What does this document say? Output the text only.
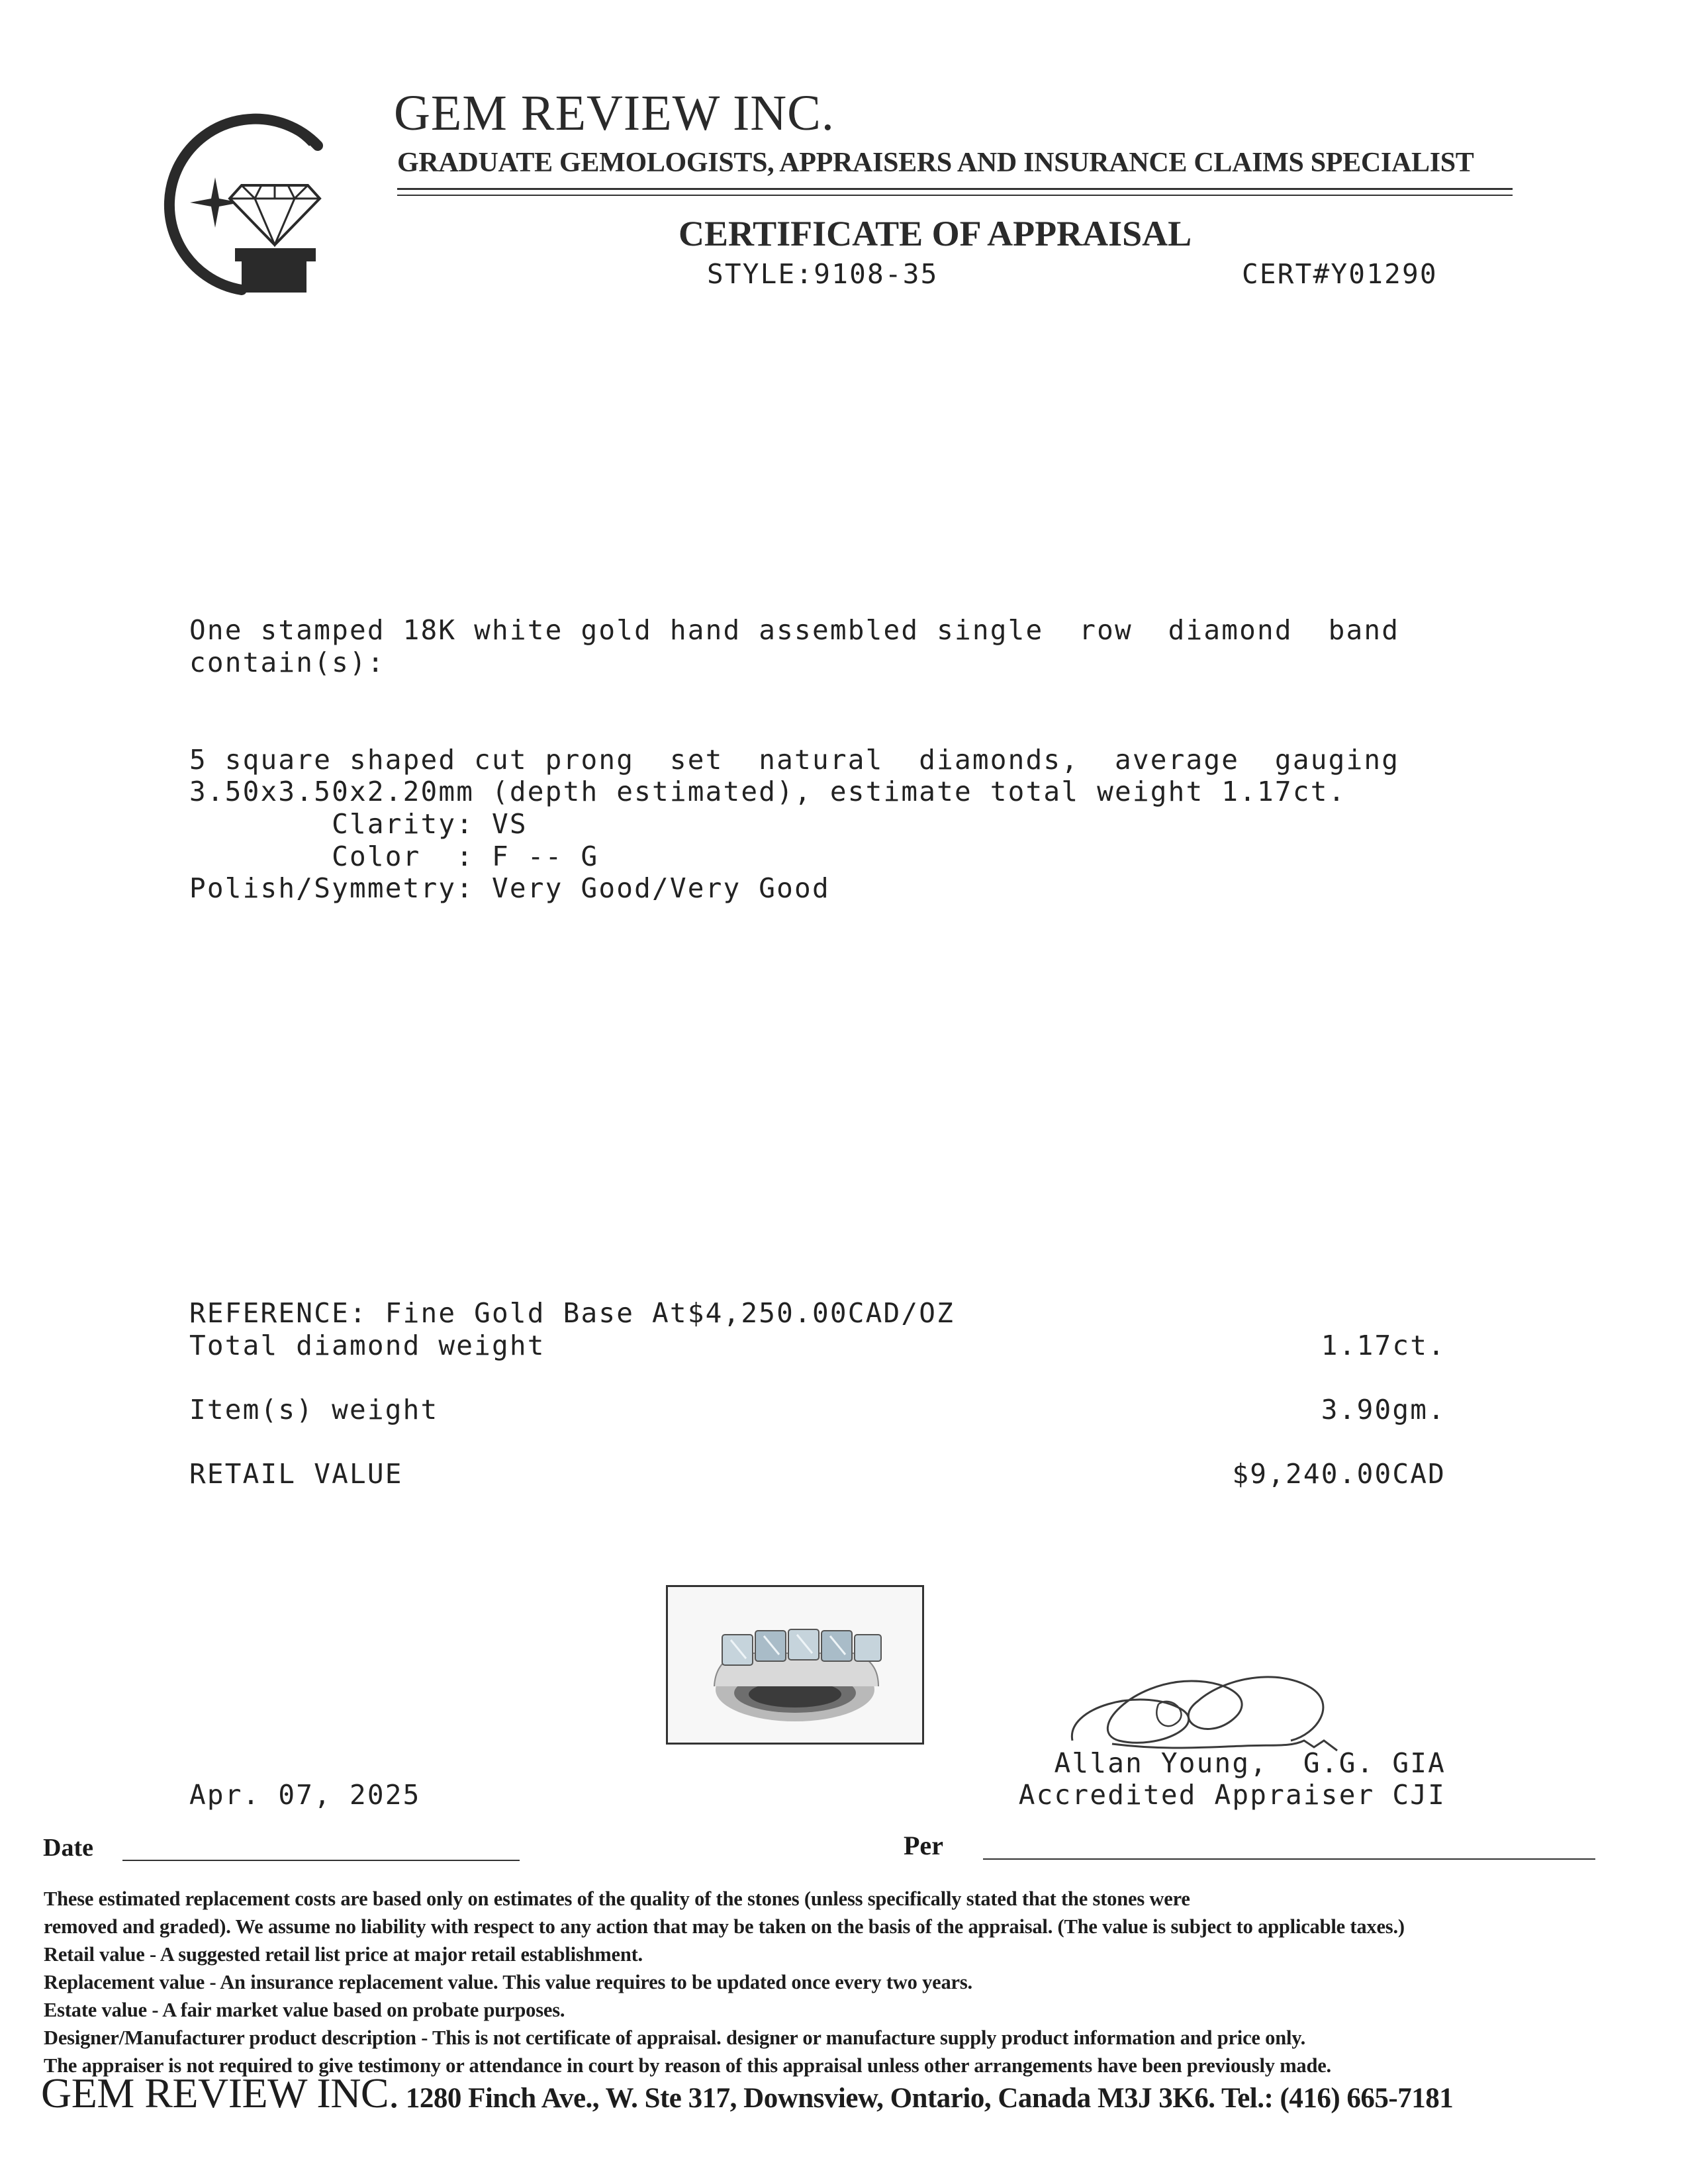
GEM REVIEW INC.
GRADUATE GEMOLOGISTS, APPRAISERS AND INSURANCE CLAIMS SPECIALIST
CERTIFICATE OF APPRAISAL
STYLE:9108-35	CERT#Y01290
One stamped 18K white gold hand assembled single  row  diamond  band
contain(s):
5 square shaped cut prong  set  natural  diamonds,  average  gauging
3.50x3.50x2.20mm (depth estimated), estimate total weight 1.17ct.
Clarity: VS
Color  : F -- G
Polish/Symmetry: Very Good/Very Good
REFERENCE: Fine Gold Base At$4,250.00CAD/OZ
Total diamond weight	1.17ct.
Item(s) weight	3.90gm.
RETAIL VALUE	$9,240.00CAD
Allan Young,  G.G. GIA
Accredited Appraiser CJI
Apr. 07, 2025
Date	Per
These estimated replacement costs are based only on estimates of the quality of the stones (unless specifically stated that the stones were
removed and graded). We assume no liability with respect to any action that may be taken on the basis of the appraisal. (The value is subject to applicable taxes.)
Retail value - A suggested retail list price at major retail establishment.
Replacement value - An insurance replacement value. This value requires to be updated once every two years.
Estate value - A fair market value based on probate purposes.
Designer/Manufacturer product description - This is not certificate of appraisal. designer or manufacture supply product information and price only.
The appraiser is not required to give testimony or attendance in court by reason of this appraisal unless other arrangements have been previously made.
GEM REVIEW INC. 1280 Finch Ave., W. Ste 317, Downsview, Ontario, Canada M3J 3K6. Tel.: (416) 665-7181
